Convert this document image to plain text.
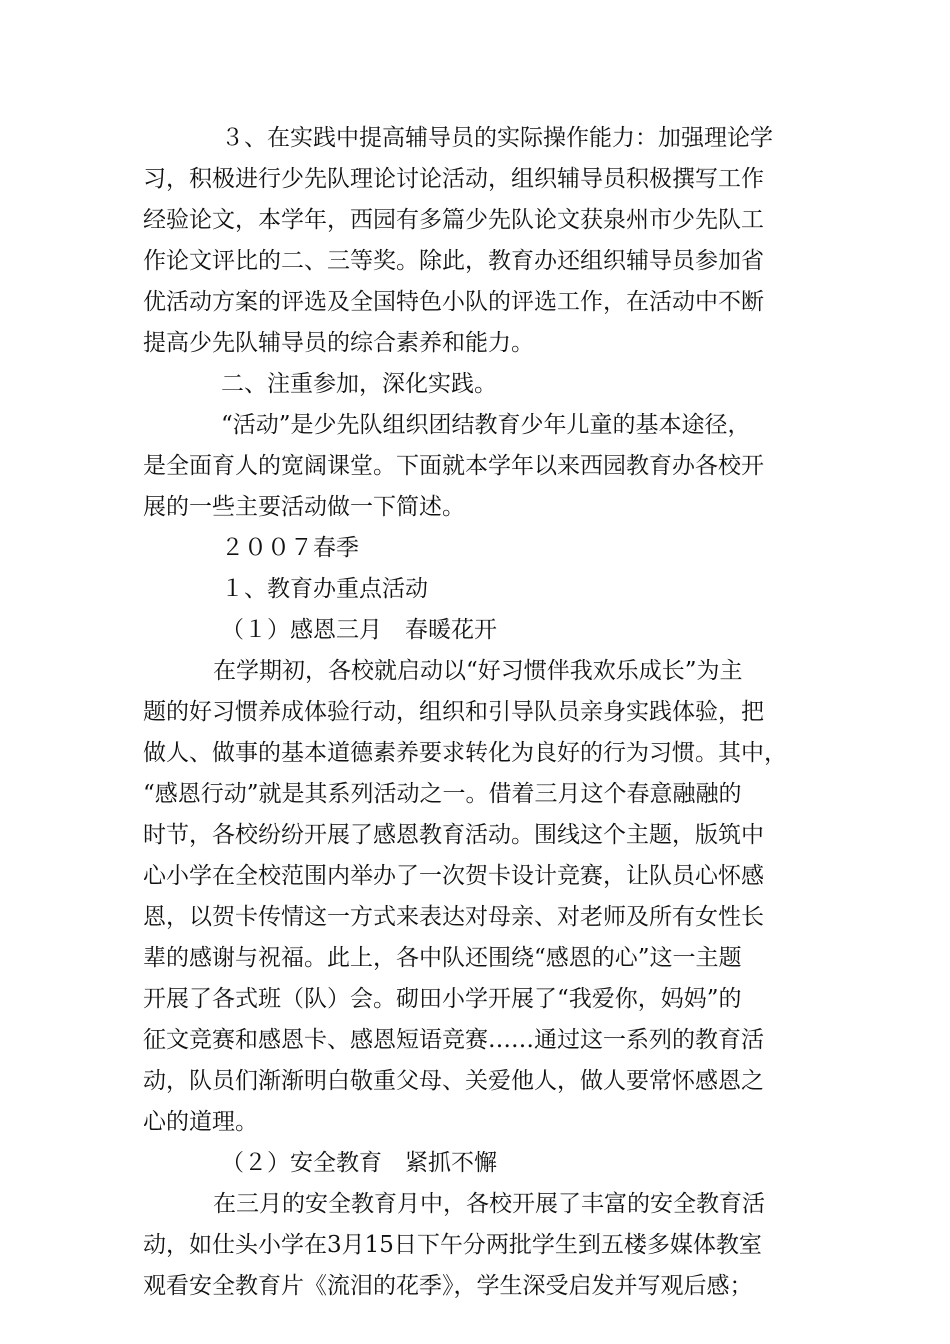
３、在实践中提高辅导员的实际操作能力：加强理论学
习，积极进行少先队理论讨论活动，组织辅导员积极撰写工作
经验论文，本学年，西园有多篇少先队论文获泉州市少先队工
作论文评比的二、三等奖。除此，教育办还组织辅导员参加省
优活动方案的评选及全国特色小队的评选工作，在活动中不断
提高少先队辅导员的综合素养和能力。
二、注重参加，深化实践。
“活动”是少先队组织团结教育少年儿童的基本途径，
是全面育人的宽阔课堂。下面就本学年以来西园教育办各校开
展的一些主要活动做一下简述。
２００７春季
１、教育办重点活动
（１）感恩三月　春暖花开
在学期初，各校就启动以“好习惯伴我欢乐成长”为主
题的好习惯养成体验行动，组织和引导队员亲身实践体验，把
做人、做事的基本道德素养要求转化为良好的行为习惯。其中，
“感恩行动”就是其系列活动之一。借着三月这个春意融融的
时节，各校纷纷开展了感恩教育活动。围线这个主题，版筑中
心小学在全校范围内举办了一次贺卡设计竞赛，让队员心怀感
恩，以贺卡传情这一方式来表达对母亲、对老师及所有女性长
辈的感谢与祝福。此上，各中队还围绕“感恩的心”这一主题
开展了各式班（队）会。砌田小学开展了“我爱你，妈妈”的
征文竞赛和感恩卡、感恩短语竞赛……通过这一系列的教育活
动，队员们渐渐明白敬重父母、关爱他人，做人要常怀感恩之
心的道理。
（２）安全教育　紧抓不懈
在三月的安全教育月中，各校开展了丰富的安全教育活
动，如仕头小学在3月15日下午分两批学生到五楼多媒体教室
观看安全教育片《流泪的花季》，学生深受启发并写观后感；
